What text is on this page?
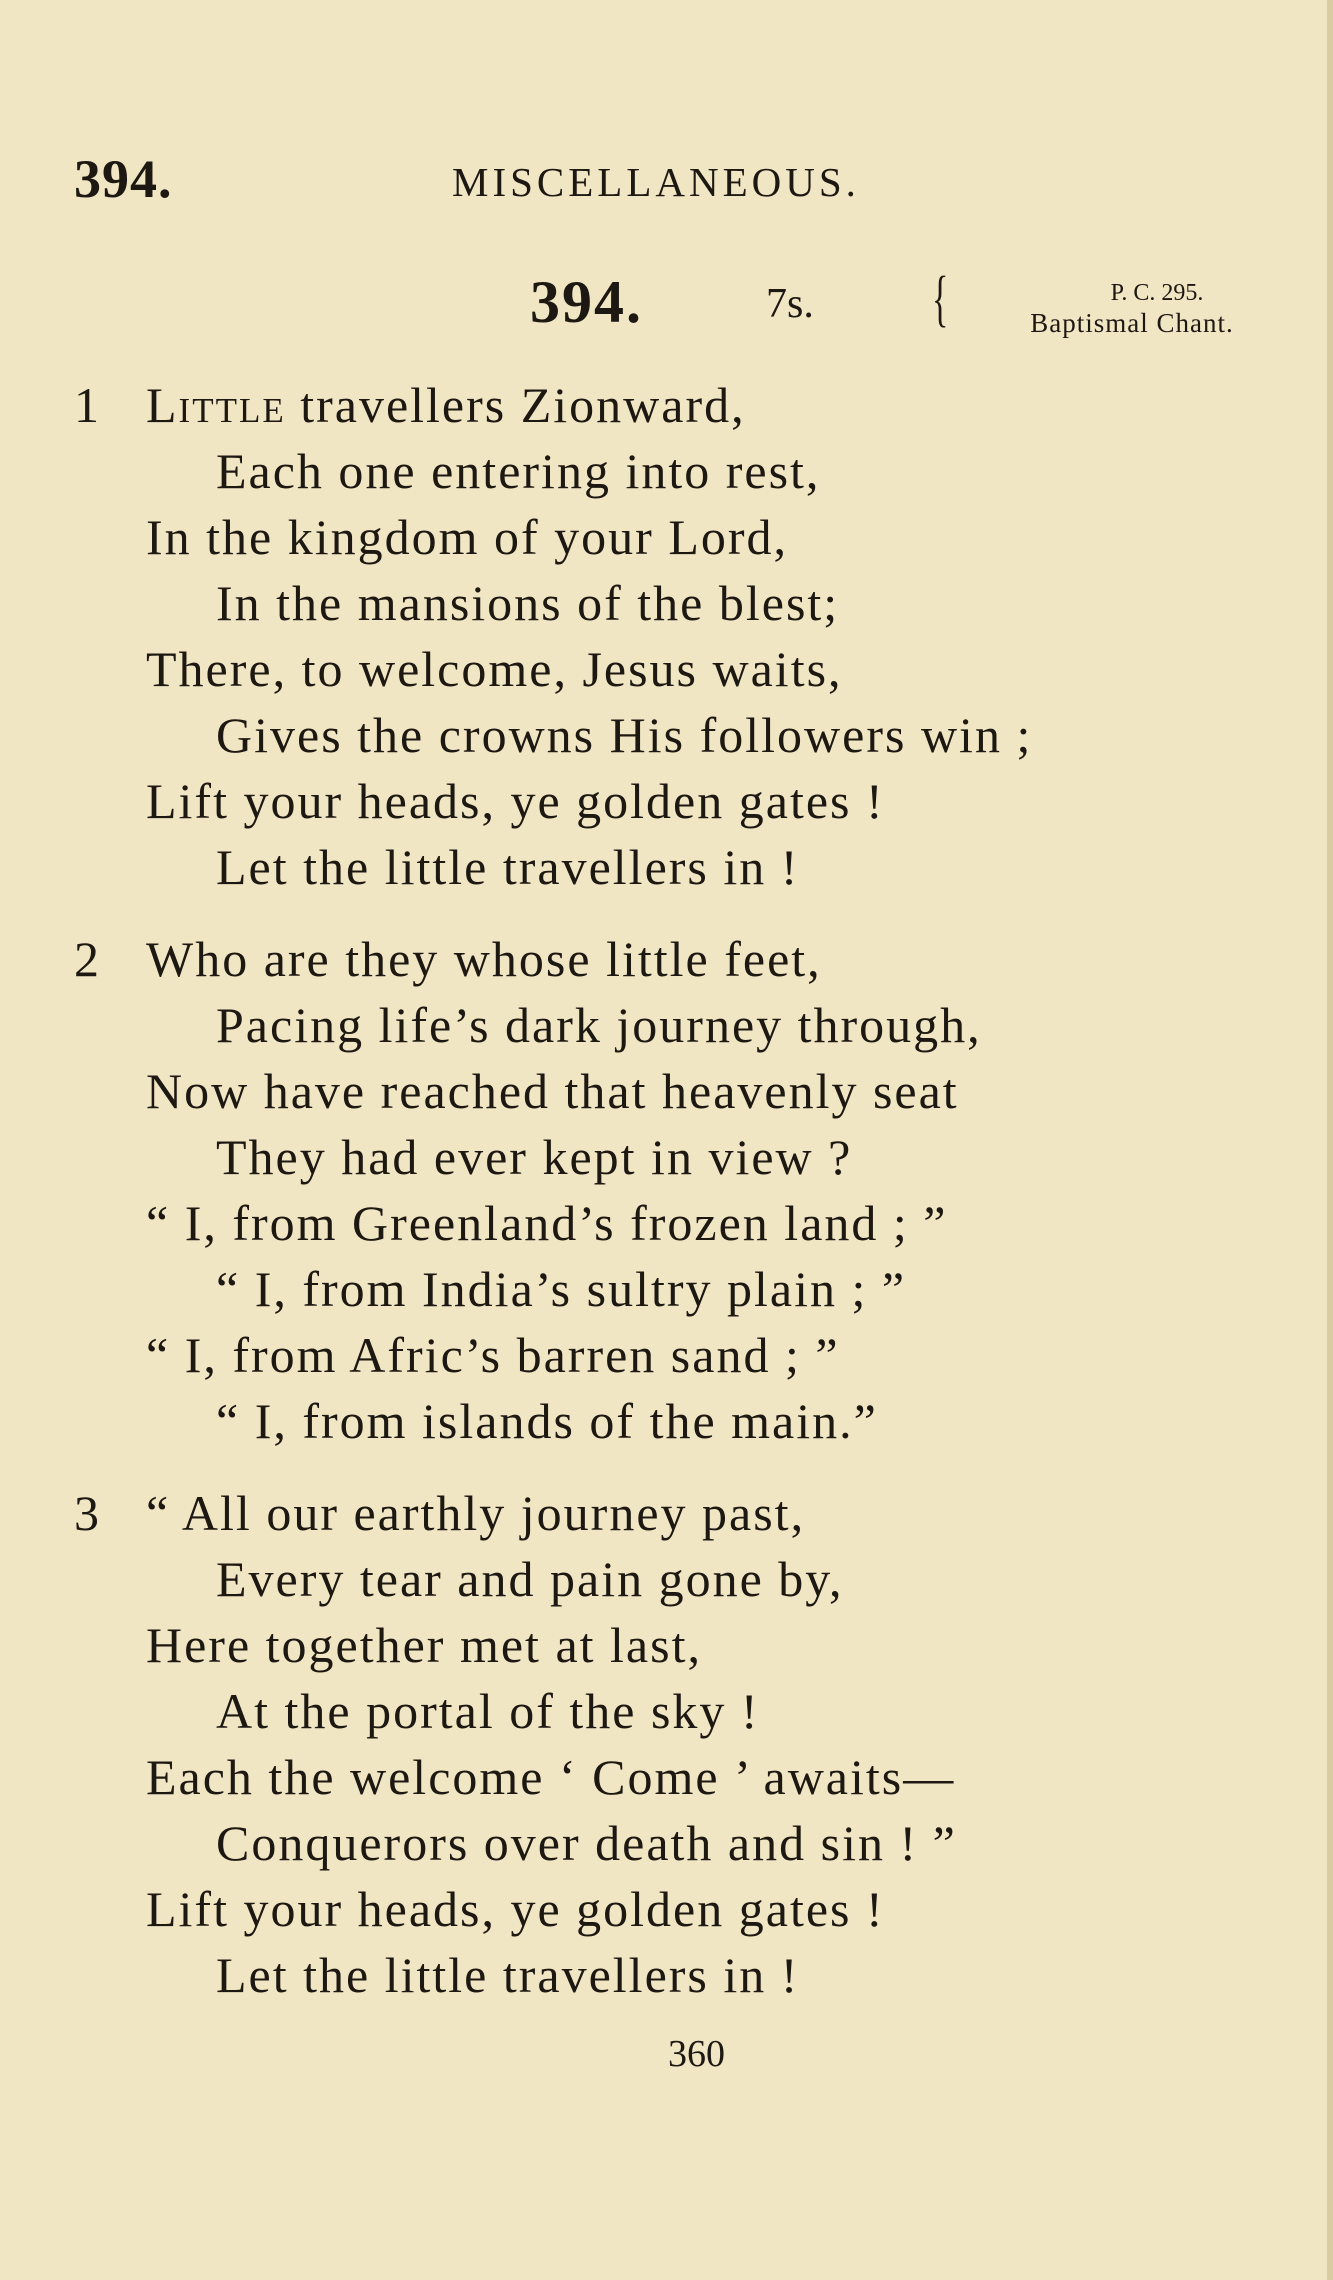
394.	MISCELLANEOUS.
394.	7s. {	P. C. 295.
Baptismal Chant.
1 Little travellers Zionward,
Each one entering into rest,
In the kingdom of your Lord,
In the mansions of the blest;
There, to welcome, Jesus waits,
Gives the crowns His followers win ;
Lift your heads, ye golden gates !
Let the little travellers in !
2 Who are they whose little feet,
Pacing life’s dark journey through,
Now have reached that heavenly seat
They had ever kept in view ?
“ I, from Greenland’s frozen land ; ”
“ I, from India’s sultry plain ; ”
“ I, from Afric’s barren sand ; ”
“ I, from islands of the main.”
3 “ All our earthly journey past,
Every tear and pain gone by,
Here together met at last,
At the portal of the sky !
Each the welcome ‘ Come ’ awaits—
Conquerors over death and sin ! ”
Lift your heads, ye golden gates !
Let the little travellers in !
360
